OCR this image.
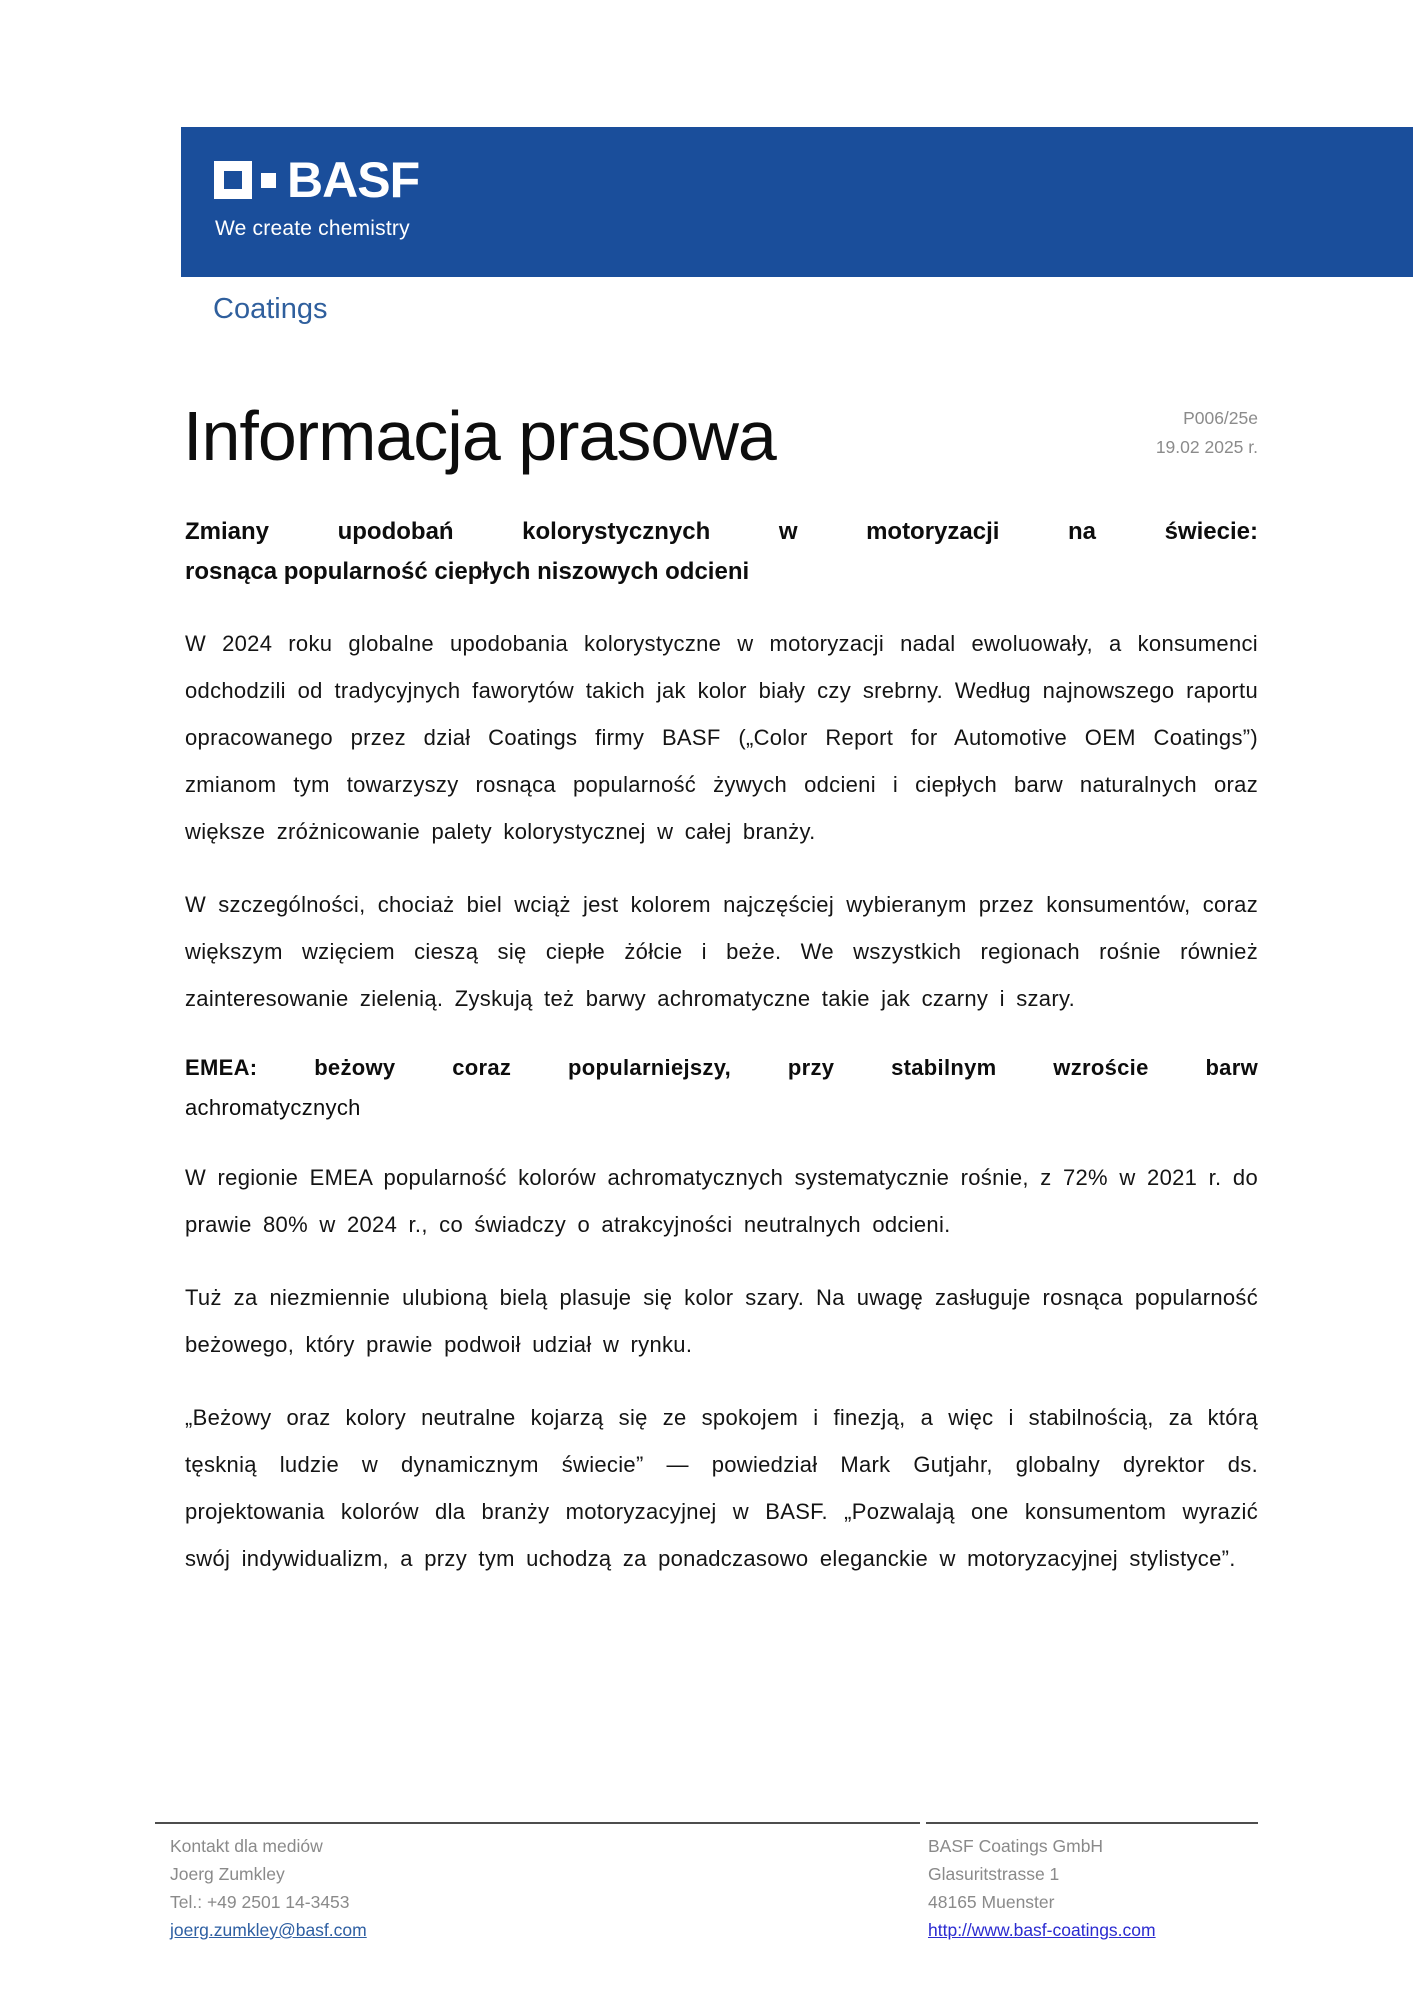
BASF
We create chemistry
Coatings
Informacja prasowa	P006/25e
19.02 2025 r.
Zmiany upodobań kolorystycznych w motoryzacji na świecie:
rosnąca popularność ciepłych niszowych odcieni

W 2024 roku globalne upodobania kolorystyczne w motoryzacji nadal ewoluowały, a konsumenci odchodzili od tradycyjnych faworytów takich jak kolor biały czy srebrny. Według najnowszego raportu opracowanego przez dział Coatings firmy BASF („Color Report for Automotive OEM Coatings”) zmianom tym towarzyszy rosnąca popularność żywych odcieni i ciepłych barw naturalnych oraz większe zróżnicowanie palety kolorystycznej w całej branży.

W szczególności, chociaż biel wciąż jest kolorem najczęściej wybieranym przez konsumentów, coraz większym wzięciem cieszą się ciepłe żółcie i beże. We wszystkich regionach rośnie również zainteresowanie zielenią. Zyskują też barwy achromatyczne takie jak czarny i szary.

EMEA: beżowy coraz popularniejszy, przy stabilnym wzroście barw
achromatycznych

W regionie EMEA popularność kolorów achromatycznych systematycznie rośnie, z 72% w 2021 r. do prawie 80% w 2024 r., co świadczy o atrakcyjności neutralnych odcieni.

Tuż za niezmiennie ulubioną bielą plasuje się kolor szary. Na uwagę zasługuje rosnąca popularność beżowego, który prawie podwoił udział w rynku.

„Beżowy oraz kolory neutralne kojarzą się ze spokojem i finezją, a więc i stabilnością, za którą tęsknią ludzie w dynamicznym świecie” — powiedział Mark Gutjahr, globalny dyrektor ds. projektowania kolorów dla branży motoryzacyjnej w BASF. „Pozwalają one konsumentom wyrazić swój indywidualizm, a przy tym uchodzą za ponadczasowo eleganckie w motoryzacyjnej stylistyce”.

Kontakt dla mediów
Joerg Zumkley
Tel.: +49 2501 14-3453
joerg.zumkley@basf.com
BASF Coatings GmbH
Glasuritstrasse 1
48165 Muenster
http://www.basf-coatings.com
